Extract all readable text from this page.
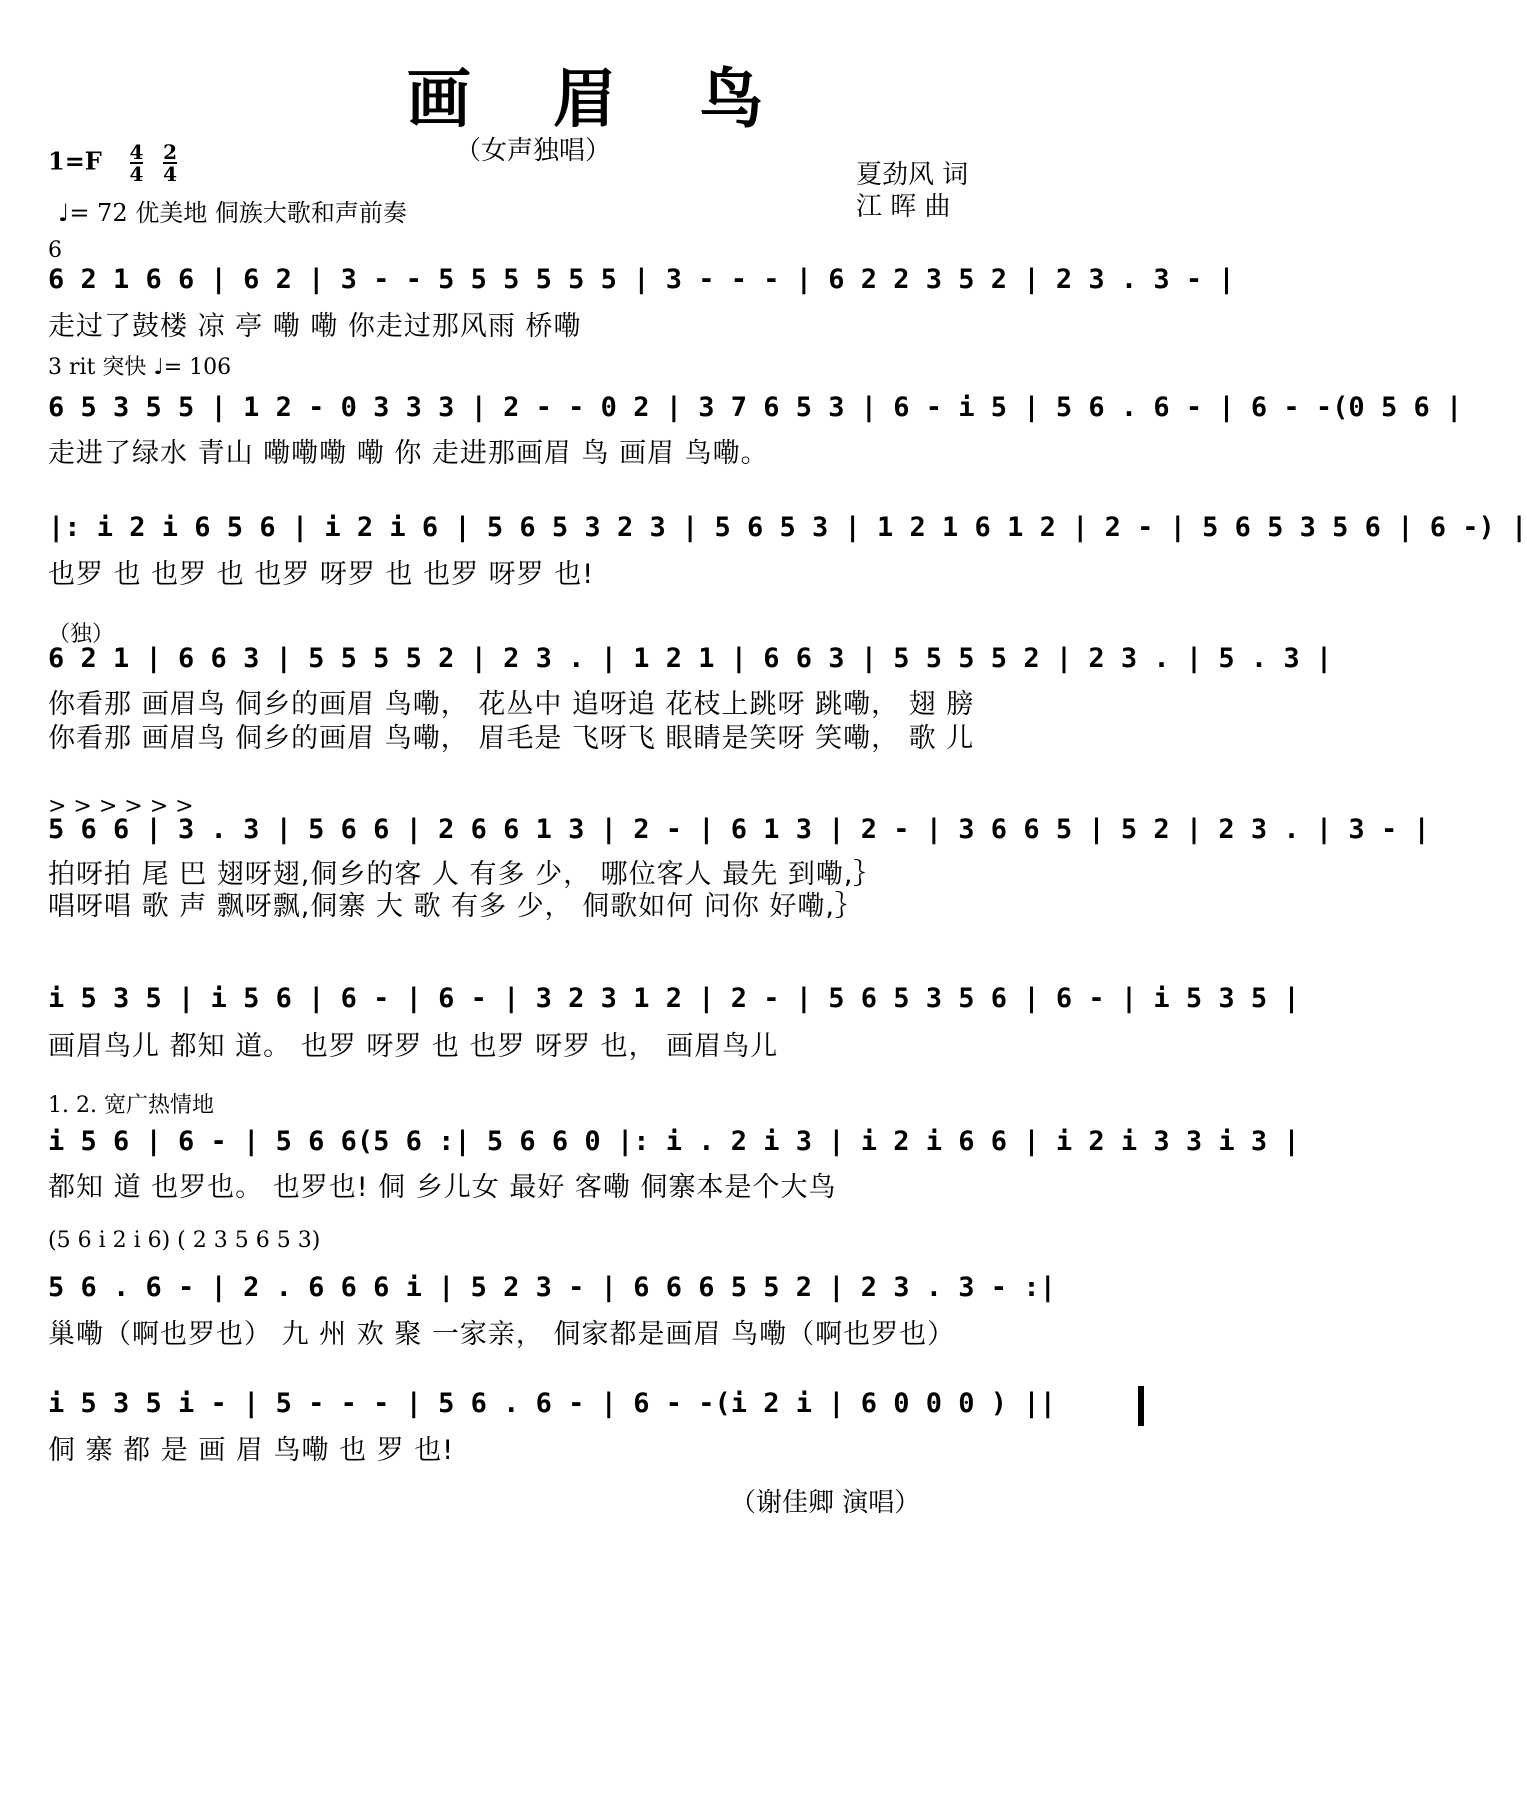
画 眉 鸟
（女声独唱）
$1=F \frac{4}{4}$
$\frac{2}{4}$
♩= 72 优美地 侗族大歌和声前奏
夏劲风 词
江 晖 曲
6
6 2 1 6 6 | 6 2 | 3 - - 5 5 5 5 5 5 | 3 - - - | 6 2 2 3 5 2 | 2 3 . 3 - |
走过了鼓楼 凉 亭 嘞 嘞 你走过那风雨 桥嘞
3 rit 突快 ♩= 106
6 5 3 5 5 | 1 2 - 0 3 3 3 | 2 - - 0 2 | 3 7 6 5 3 | 6 - i 5 | 5 6 . 6 - | 6 - -(0 5 6 |
走进了绿水 青山 嘞嘞嘞 嘞 你 走进那画眉 鸟 画眉 鸟嘞。
|: i 2 i 6 5 6 | i 2 i 6 | 5 6 5 3 2 3 | 5 6 5 3 | 1 2 1 6 1 2 | 2 - | 5 6 5 3 5 6 | 6 -) |
也罗 也 也罗 也 也罗 呀罗 也 也罗 呀罗 也!
（独）
6 2 1 | 6 6 3 | 5 5 5 5 2 | 2 3 . | 1 2 1 | 6 6 3 | 5 5 5 5 2 | 2 3 . | 5 . 3 |
你看那 画眉鸟 侗乡的画眉 鸟嘞， 花丛中 追呀追 花枝上跳呀 跳嘞， 翅 膀
你看那 画眉鸟 侗乡的画眉 鸟嘞， 眉毛是 飞呀飞 眼睛是笑呀 笑嘞， 歌 儿
> > > > > >
5 6 6 | 3 . 3 | 5 6 6 | 2 6 6 1 3 | 2 - | 6 1 3 | 2 - | 3 6 6 5 | 5 2 | 2 3 . | 3 - |
拍呀拍 尾 巴 翅呀翅,侗乡的客 人 有多 少， 哪位客人 最先 到嘞,｝
唱呀唱 歌 声 飘呀飘,侗寨 大 歌 有多 少， 侗歌如何 问你 好嘞,｝
i 5 3 5 | i 5 6 | 6 - | 6 - | 3 2 3 1 2 | 2 - | 5 6 5 3 5 6 | 6 - | i 5 3 5 |
画眉鸟儿 都知 道。 也罗 呀罗 也 也罗 呀罗 也， 画眉鸟儿
1. 2. 宽广热情地
i 5 6 | 6 - | 5 6 6(5 6 :| 5 6 6 0 |: i . 2 i 3 | i 2 i 6 6 | i 2 i 3 3 i 3 |
都知 道 也罗也。 也罗也! 侗 乡儿女 最好 客嘞 侗寨本是个大鸟
(5 6 i 2 i 6) ( 2 3 5 6 5 3)
5 6 . 6 - | 2 . 6 6 6 i | 5 2 3 - | 6 6 6 5 5 2 | 2 3 . 3 - :|
巢嘞（啊也罗也） 九 州 欢 聚 一家亲， 侗家都是画眉 鸟嘞（啊也罗也）
i 5 3 5 i - | 5 - - - | 5 6 . 6 - | 6 - -(i 2 i | 6 0 0 0 ) ||
侗 寨 都 是 画 眉 鸟嘞 也 罗 也!
（谢佳卿 演唱）
